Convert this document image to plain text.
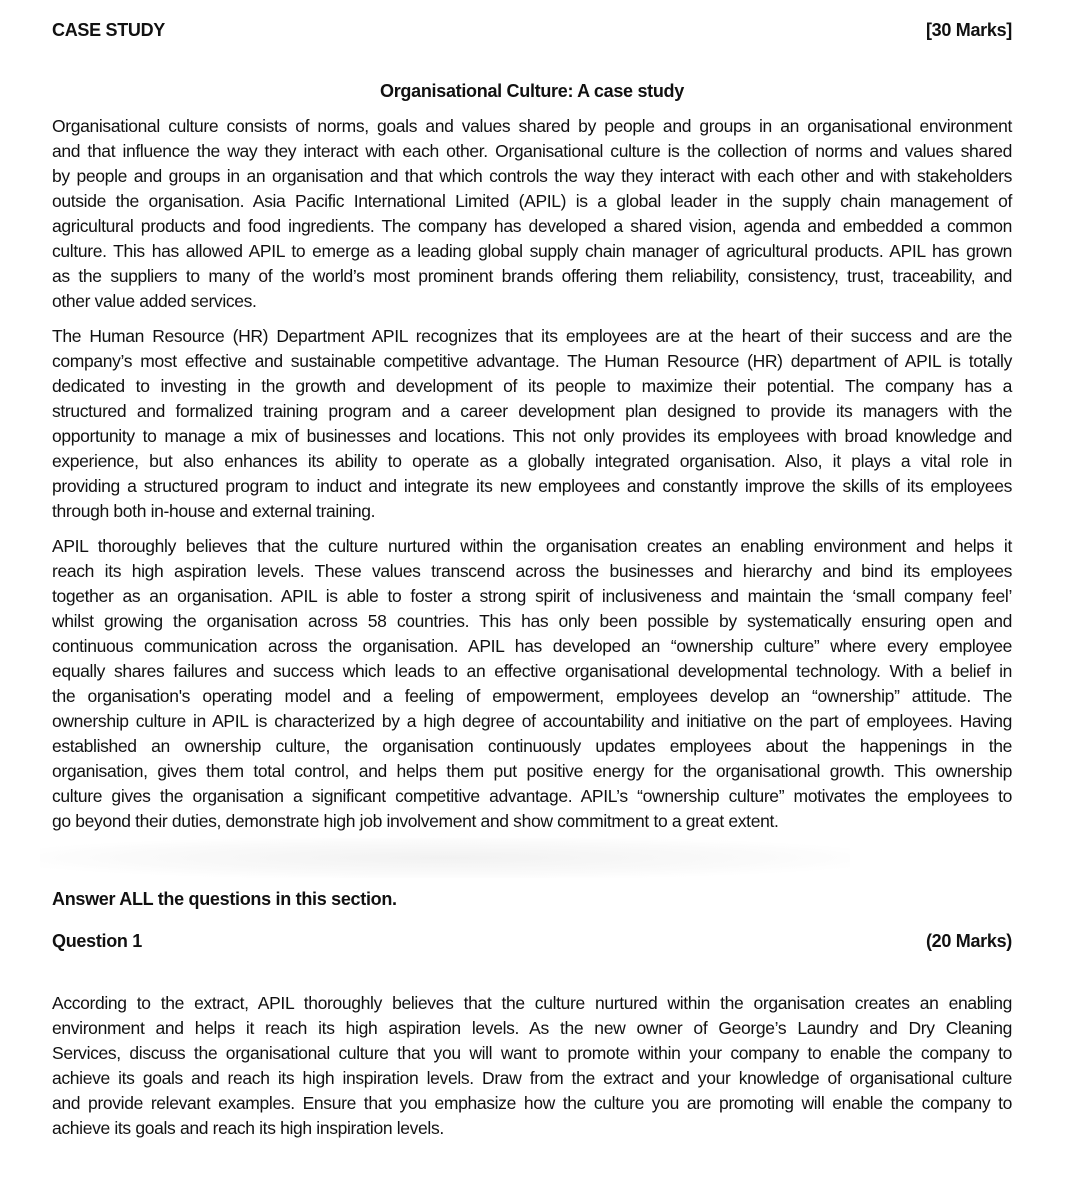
CASE STUDY	[30 Marks]
Organisational Culture: A case study
Organisational culture consists of norms, goals and values shared by people and groups in an organisational environment
and that influence the way they interact with each other. Organisational culture is the collection of norms and values shared
by people and groups in an organisation and that which controls the way they interact with each other and with stakeholders
outside the organisation. Asia Pacific International Limited (APIL) is a global leader in the supply chain management of
agricultural products and food ingredients. The company has developed a shared vision, agenda and embedded a common
culture. This has allowed APIL to emerge as a leading global supply chain manager of agricultural products. APIL has grown
as the suppliers to many of the world’s most prominent brands offering them reliability, consistency, trust, traceability, and
other value added services.
The Human Resource (HR) Department APIL recognizes that its employees are at the heart of their success and are the
company’s most effective and sustainable competitive advantage. The Human Resource (HR) department of APIL is totally
dedicated to investing in the growth and development of its people to maximize their potential. The company has a
structured and formalized training program and a career development plan designed to provide its managers with the
opportunity to manage a mix of businesses and locations. This not only provides its employees with broad knowledge and
experience, but also enhances its ability to operate as a globally integrated organisation. Also, it plays a vital role in
providing a structured program to induct and integrate its new employees and constantly improve the skills of its employees
through both in-house and external training.
APIL thoroughly believes that the culture nurtured within the organisation creates an enabling environment and helps it
reach its high aspiration levels. These values transcend across the businesses and hierarchy and bind its employees
together as an organisation. APIL is able to foster a strong spirit of inclusiveness and maintain the ‘small company feel’
whilst growing the organisation across 58 countries. This has only been possible by systematically ensuring open and
continuous communication across the organisation. APIL has developed an “ownership culture” where every employee
equally shares failures and success which leads to an effective organisational developmental technology. With a belief in
the organisation's operating model and a feeling of empowerment, employees develop an “ownership” attitude. The
ownership culture in APIL is characterized by a high degree of accountability and initiative on the part of employees. Having
established an ownership culture, the organisation continuously updates employees about the happenings in the
organisation, gives them total control, and helps them put positive energy for the organisational growth. This ownership
culture gives the organisation a significant competitive advantage. APIL’s “ownership culture” motivates the employees to
go beyond their duties, demonstrate high job involvement and show commitment to a great extent.
Answer ALL the questions in this section.
Question 1	(20 Marks)
According to the extract, APIL thoroughly believes that the culture nurtured within the organisation creates an enabling
environment and helps it reach its high aspiration levels. As the new owner of George’s Laundry and Dry Cleaning
Services, discuss the organisational culture that you will want to promote within your company to enable the company to
achieve its goals and reach its high inspiration levels. Draw from the extract and your knowledge of organisational culture
and provide relevant examples. Ensure that you emphasize how the culture you are promoting will enable the company to
achieve its goals and reach its high inspiration levels.
